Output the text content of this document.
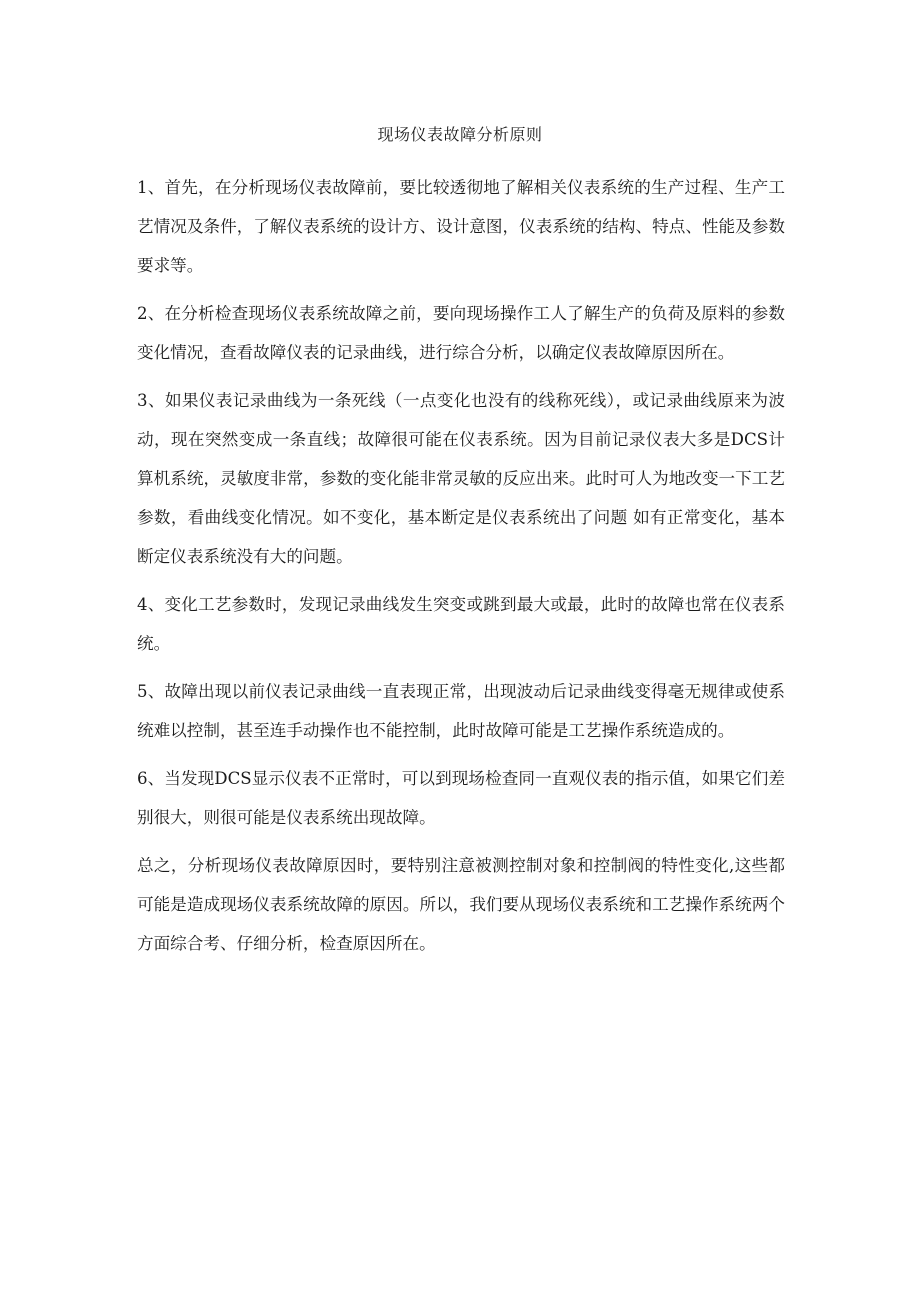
现场仪表故障分析原则

1、首先，在分析现场仪表故障前，要比较透彻地了解相关仪表系统的生产过程、生产工艺情况及条件，了解仪表系统的设计方、设计意图，仪表系统的结构、特点、性能及参数要求等。

2、在分析检查现场仪表系统故障之前，要向现场操作工人了解生产的负荷及原料的参数变化情况，查看故障仪表的记录曲线，进行综合分析，以确定仪表故障原因所在。

3、如果仪表记录曲线为一条死线（一点变化也没有的线称死线），或记录曲线原来为波动，现在突然变成一条直线；故障很可能在仪表系统。因为目前记录仪表大多是DCS计算机系统，灵敏度非常，参数的变化能非常灵敏的反应出来。此时可人为地改变一下工艺参数，看曲线变化情况。如不变化，基本断定是仪表系统出了问题 如有正常变化，基本断定仪表系统没有大的问题。

4、变化工艺参数时，发现记录曲线发生突变或跳到最大或最，此时的故障也常在仪表系统。

5、故障出现以前仪表记录曲线一直表现正常，出现波动后记录曲线变得毫无规律或使系统难以控制，甚至连手动操作也不能控制，此时故障可能是工艺操作系统造成的。

6、当发现DCS显示仪表不正常时，可以到现场检查同一直观仪表的指示值，如果它们差别很大，则很可能是仪表系统出现故障。

总之，分析现场仪表故障原因时，要特别注意被测控制对象和控制阀的特性变化,这些都可能是造成现场仪表系统故障的原因。所以，我们要从现场仪表系统和工艺操作系统两个方面综合考、仔细分析，检查原因所在。
